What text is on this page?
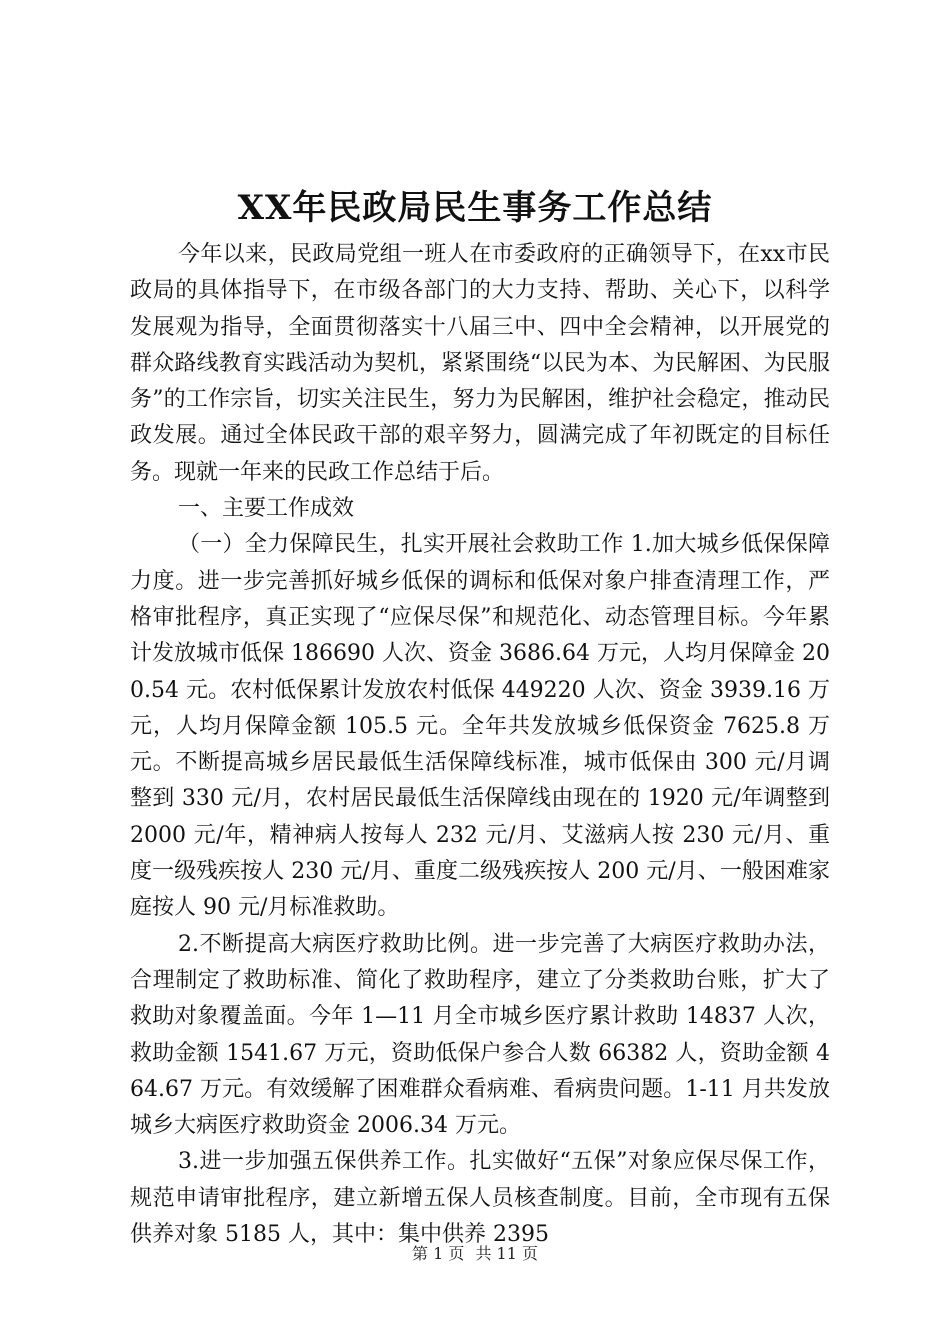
XX年民政局民生事务工作总结

今年以来，民政局党组一班人在市委政府的正确领导下，在xx市民政局的具体指导下，在市级各部门的大力支持、帮助、关心下，以科学发展观为指导，全面贯彻落实十八届三中、四中全会精神，以开展党的群众路线教育实践活动为契机，紧紧围绕“以民为本、为民解困、为民服务”的工作宗旨，切实关注民生，努力为民解困，维护社会稳定，推动民政发展。通过全体民政干部的艰辛努力，圆满完成了年初既定的目标任务。现就一年来的民政工作总结于后。

一、主要工作成效

（一）全力保障民生，扎实开展社会救助工作 1.加大城乡低保保障力度。进一步完善抓好城乡低保的调标和低保对象户排查清理工作，严格审批程序，真正实现了“应保尽保”和规范化、动态管理目标。今年累计发放城市低保 186690 人次、资金 3686.64 万元，人均月保障金 200.54 元。农村低保累计发放农村低保 449220 人次、资金 3939.16 万元，人均月保障金额 105.5 元。全年共发放城乡低保资金 7625.8 万元。不断提高城乡居民最低生活保障线标准，城市低保由 300 元/月调整到 330 元/月，农村居民最低生活保障线由现在的 1920 元/年调整到 2000 元/年，精神病人按每人 232 元/月、艾滋病人按 230 元/月、重度一级残疾按人 230 元/月、重度二级残疾按人 200 元/月、一般困难家庭按人 90 元/月标准救助。

2.不断提高大病医疗救助比例。进一步完善了大病医疗救助办法，合理制定了救助标准、简化了救助程序，建立了分类救助台账，扩大了救助对象覆盖面。今年 1—11 月全市城乡医疗累计救助 14837 人次，救助金额 1541.67 万元，资助低保户参合人数 66382 人，资助金额 464.67 万元。有效缓解了困难群众看病难、看病贵问题。1-11 月共发放城乡大病医疗救助资金 2006.34 万元。

3.进一步加强五保供养工作。扎实做好“五保”对象应保尽保工作，规范申请审批程序，建立新增五保人员核查制度。目前，全市现有五保供养对象 5185 人，其中：集中供养 2395

第 1 页 共 11 页
